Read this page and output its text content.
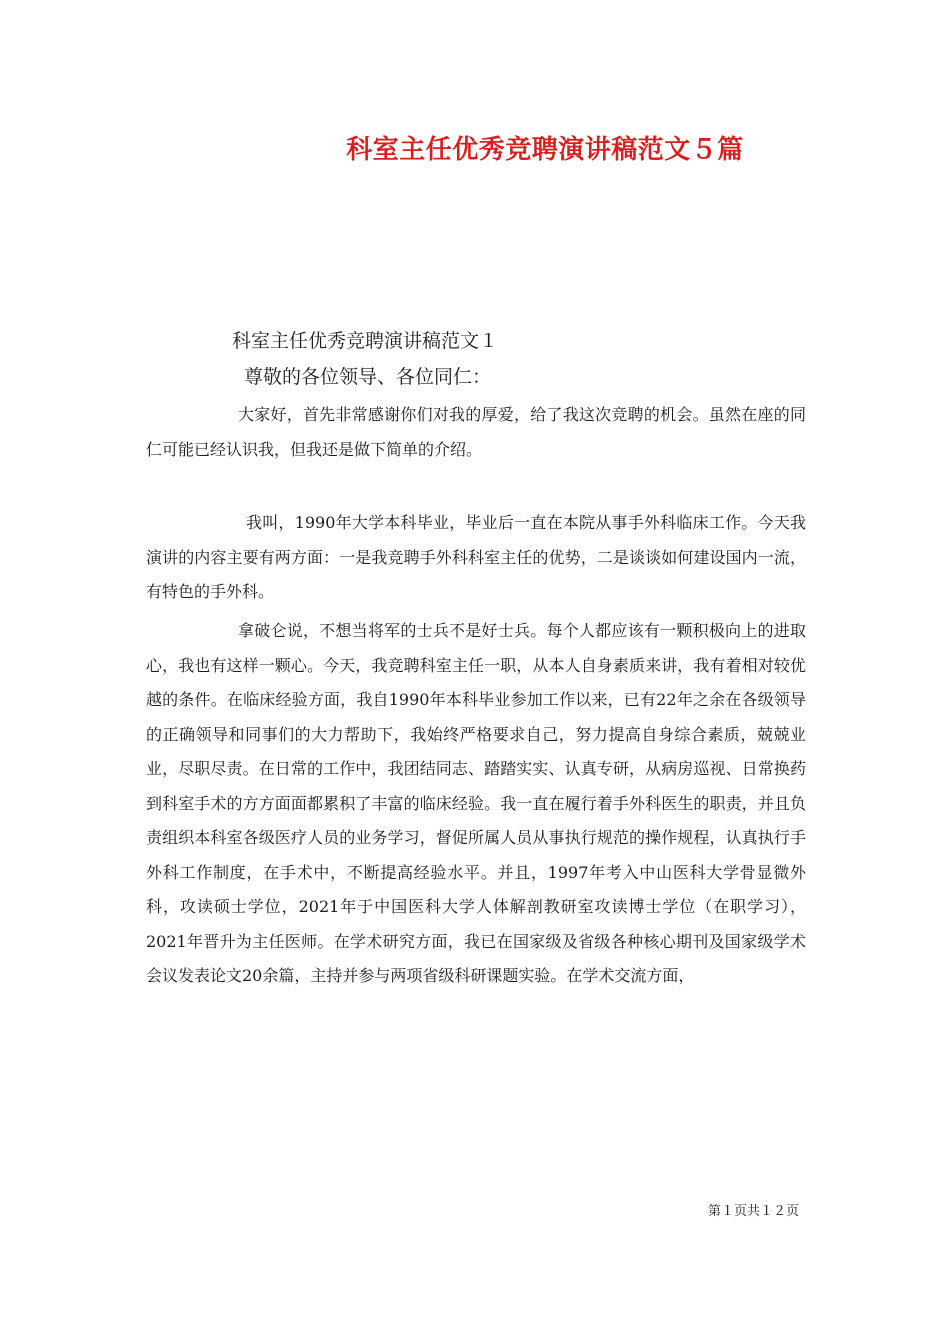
科室主任优秀竞聘演讲稿范文５篇
科室主任优秀竞聘演讲稿范文１
尊敬的各位领导、各位同仁：

大家好，首先非常感谢你们对我的厚爱，给了我这次竞聘的机会。虽然在座的同仁可能已经认识我，但我还是做下简单的介绍。

我叫，1990年大学本科毕业，毕业后一直在本院从事手外科临床工作。今天我演讲的内容主要有两方面：一是我竞聘手外科科室主任的优势，二是谈谈如何建设国内一流，有特色的手外科。

拿破仑说，不想当将军的士兵不是好士兵。每个人都应该有一颗积极向上的进取心，我也有这样一颗心。今天，我竞聘科室主任一职，从本人自身素质来讲，我有着相对较优越的条件。在临床经验方面，我自1990年本科毕业参加工作以来，已有22年之余在各级领导的正确领导和同事们的大力帮助下，我始终严格要求自己，努力提高自身综合素质，兢兢业业，尽职尽责。在日常的工作中，我团结同志、踏踏实实、认真专研，从病房巡视、日常换药到科室手术的方方面面都累积了丰富的临床经验。我一直在履行着手外科医生的职责，并且负责组织本科室各级医疗人员的业务学习，督促所属人员从事执行规范的操作规程，认真执行手外科工作制度，在手术中，不断提高经验水平。并且，1997年考入中山医科大学骨显微外科，攻读硕士学位，2021年于中国医科大学人体解剖教研室攻读博士学位（在职学习），2021年晋升为主任医师。在学术研究方面，我已在国家级及省级各种核心期刊及国家级学术会议发表论文20余篇，主持并参与两项省级科研课题实验。在学术交流方面，

第１页共１２页
